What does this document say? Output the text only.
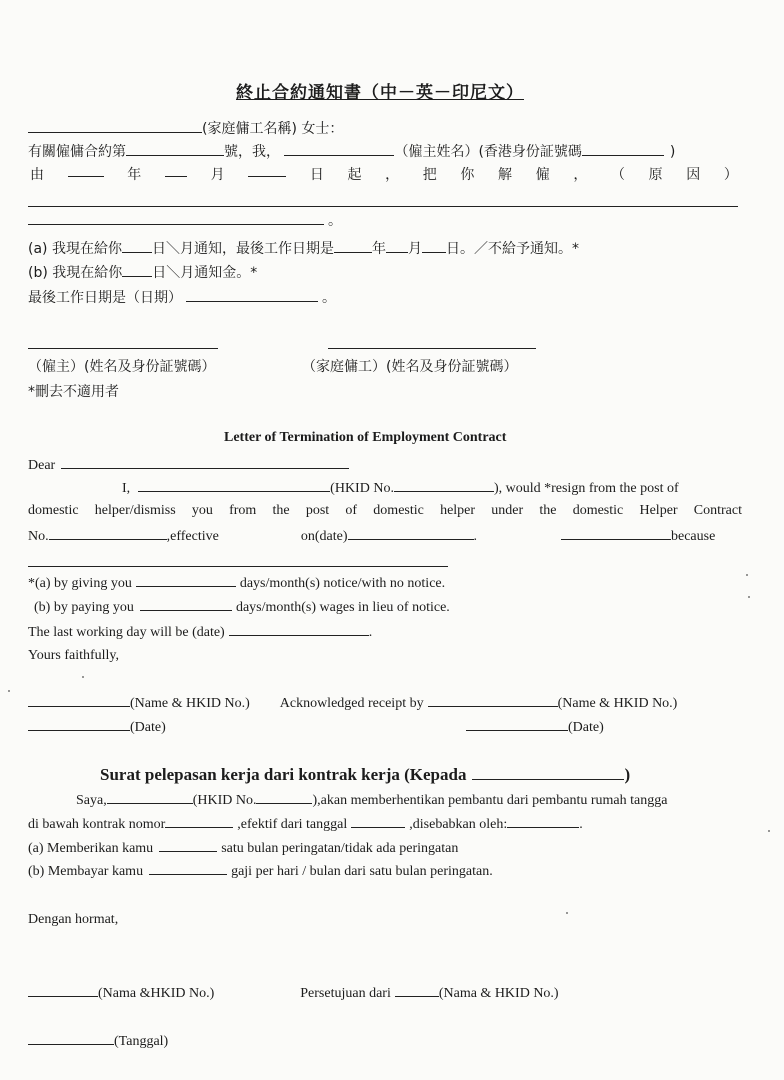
終止合約通知書（中－英－印尼文）
(家庭傭工名稱) 女士：
有關僱傭合約第	號，我，	（僱主姓名）(香港身份証號碼	)
由	年	月	日 起 ， 把 你 解 僱 ， （ 原 因 ）
。
(a) 我現在給你 日＼月通知，最後工作日期是	年 月 日。／不給予通知。*
(b) 我現在給你 日＼月通知金。*
最後工作日期是（日期）	。
（僱主）(姓名及身份証號碼）	（家庭傭工）(姓名及身份証號碼）
*刪去不適用者
Letter of Termination of Employment Contract
Dear
I,	(HKID No.	), would *resign from the post of
domestic helper/dismiss you from the post of domestic helper under the domestic Helper Contract
No.	,effective	on(date)	.	because
*(a) by giving you	days/month(s) notice/with no notice.
(b) by paying you	days/month(s) wages in lieu of notice.
The last working day will be (date)	.
Yours faithfully,
(Name & HKID No.) Acknowledged receipt by	(Name & HKID No.)
(Date)	(Date)
Surat pelepasan kerja dari kontrak kerja (Kepada	)
Saya,	(HKID No.	),akan memberhentikan pembantu dari pembantu rumah tangga
di bawah kontrak nomor	,efektif dari tanggal	,disebabkan oleh:	.
(a) Memberikan kamu	satu bulan peringatan/tidak ada peringatan
(b) Membayar kamu	gaji per hari / bulan dari satu bulan peringatan.
Dengan hormat,
(Nama &HKID No.)	Persetujuan dari	(Nama & HKID No.)
(Tanggal)
